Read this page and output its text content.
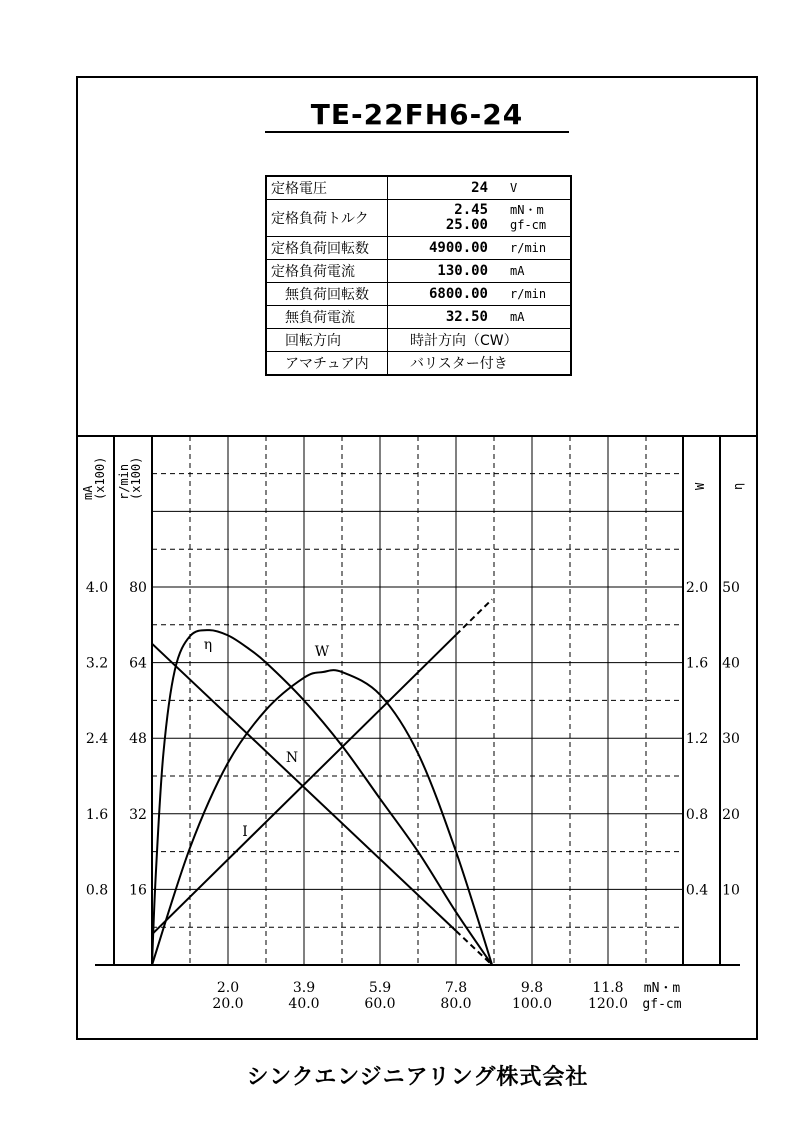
TE-22FH6-24
定格電圧	24 V
定格負荷トルク	2.45 mN・m
25.00 gf-cm

定格負荷回転数	4900.00 r/min
定格負荷電流	130.00 mA
無負荷回転数	6800.00 r/min
無負荷電流	32.50 mA
回転方向	時計方向（CW）
アマチュア内	バリスター付き
mA(x100) r/min(x100)	W η
0.8
1.6
2.4
3.2
4.0
16
32
48
64
80
0.4
0.8
1.2
1.6
2.0
10
20
30
40
50
2.0
20.0
3.9
40.0
5.9
60.0
7.8
80.0
9.8
100.0
11.8
120.0
mN・m
gf-cm
η	W
N
I
シンクエンジニアリング株式会社
